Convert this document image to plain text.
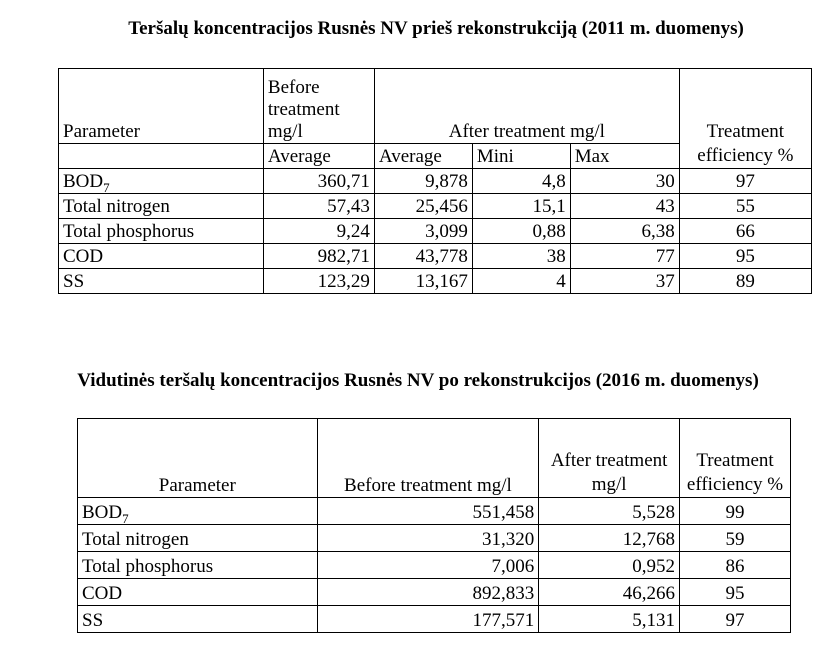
Teršalų koncentracijos Rusnės NV prieš rekonstrukciją (2011 m. duomenys)
Parameter	Before treatment mg/l	After treatment mg/l			Treatment efficiency %
	Average	Average	Mini	Max	
$BOD_7$	360,71	9,878	4,8	30	97
Total nitrogen	57,43	25,456	15,1	43	55
Total phosphorus	9,24	3,099	0,88	6,38	66
COD	982,71	43,778	38	77	95
SS	123,29	13,167	4	37	89
Vidutinės teršalų koncentracijos Rusnės NV po rekonstrukcijos (2016 m. duomenys)
Parameter	Before treatment mg/l	After treatment mg/l	Treatment efficiency %
$BOD_7$	551,458	5,528	99
Total nitrogen	31,320	12,768	59
Total phosphorus	7,006	0,952	86
COD	892,833	46,266	95
SS	177,571	5,131	97
